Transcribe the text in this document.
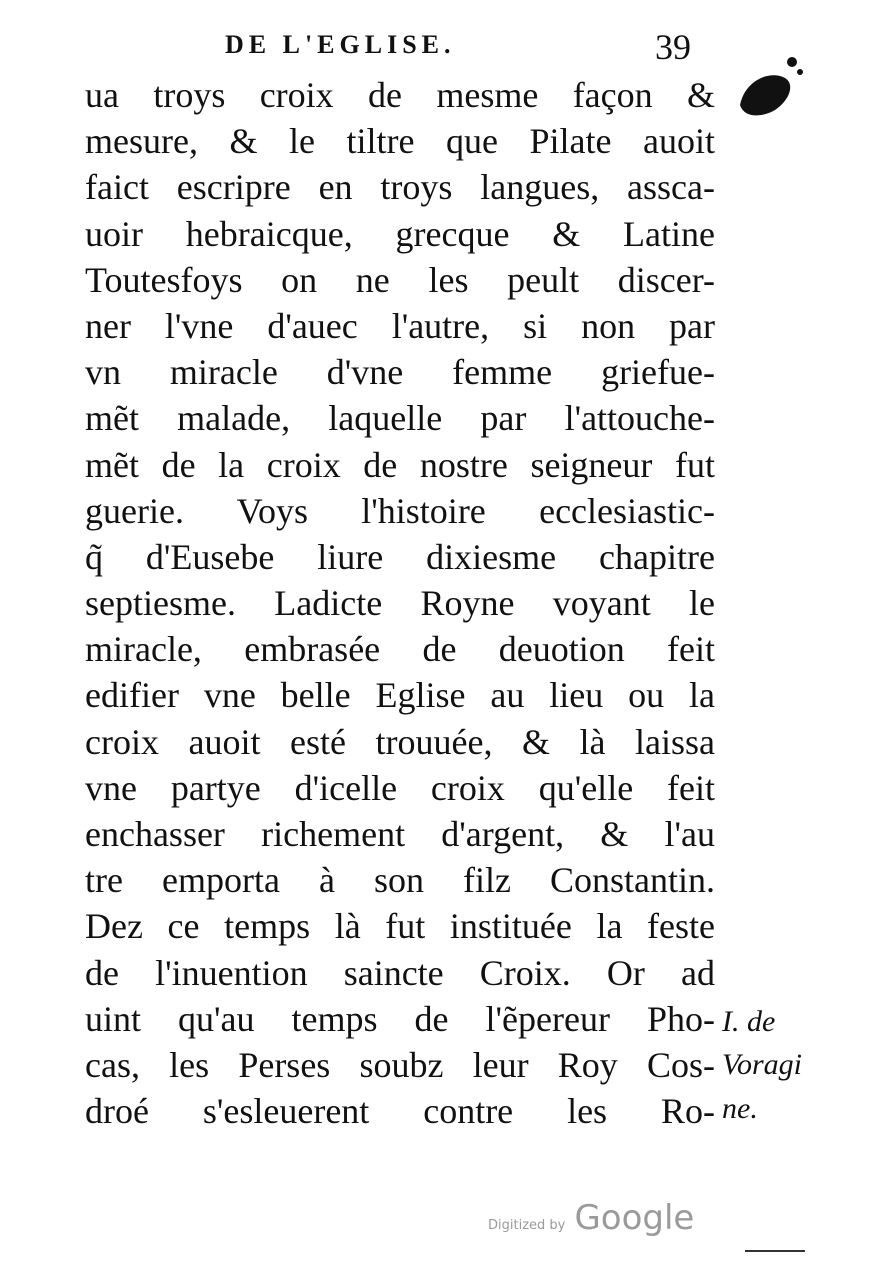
DE L'EGLISE.	39
ua troys croix de mesme façon &
mesure, & le tiltre que Pilate auoit
faict escripre en troys langues, assca-
uoir hebraicque, grecque & Latine
Toutesfoys on ne les peult discer-
ner l'vne d'auec l'autre, si non par
vn miracle d'vne femme griefue-
mẽt malade, laquelle par l'attouche-
mẽt de la croix de nostre seigneur fut
guerie. Voys l'histoire ecclesiastic-
q̃ d'Eusebe liure dixiesme chapitre
septiesme. Ladicte Royne voyant le
miracle, embrasée de deuotion feit
edifier vne belle Eglise au lieu ou la
croix auoit esté trouuée, & là laissa
vne partye d'icelle croix qu'elle feit
enchasser richement d'argent, & l'au
tre emporta à son filz Constantin.
Dez ce temps là fut instituée la feste
de l'inuention saincte Croix. Or ad
uint qu'au temps de l'ẽpereur Pho-
cas, les Perses soubz leur Roy Cos-
droé s'esleuerent contre les Ro-
I. de
Voragi
ne.
Digitized by Google
